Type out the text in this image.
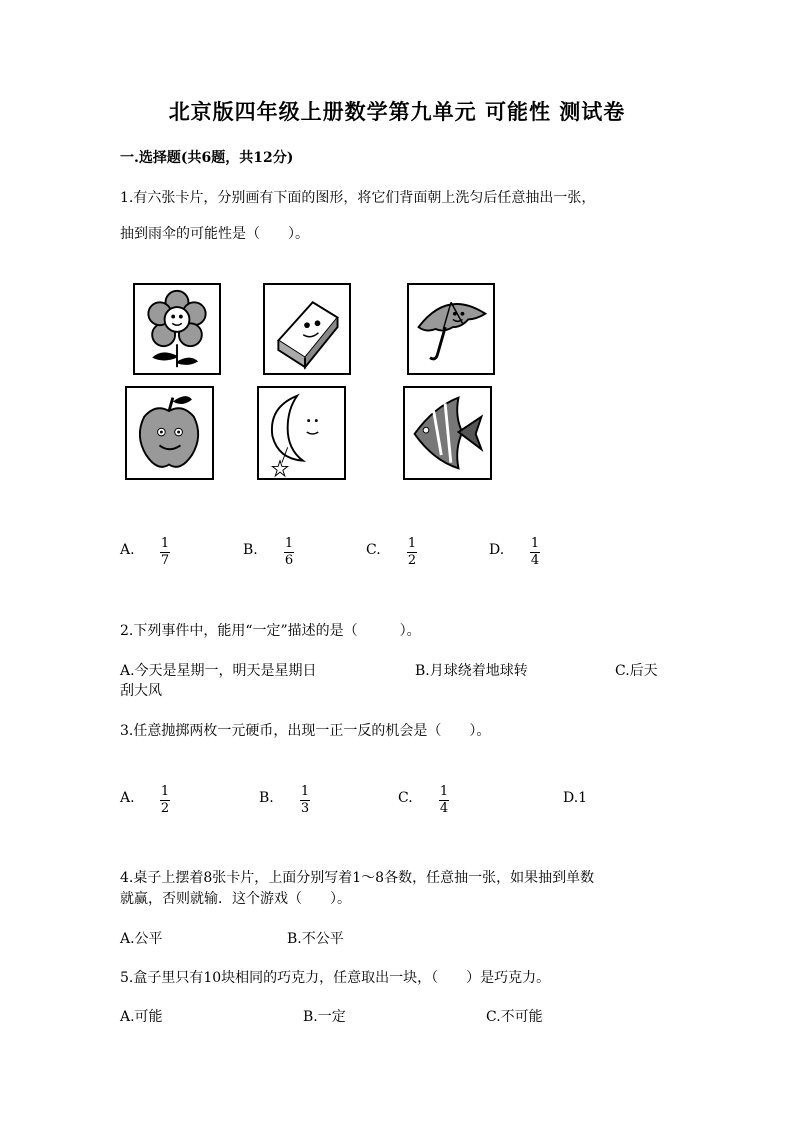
北京版四年级上册数学第九单元 可能性 测试卷
一.选择题(共6题，共12分)
1.有六张卡片，分别画有下面的图形，将它们背面朝上洗匀后任意抽出一张，
抽到雨伞的可能性是（　　）。
A. 1
7
B. 1
6
C. 1
2
D. 1
4
2.下列事件中，能用“一定”描述的是（　　　）。
A.今天是星期一，明天是星期日	B.月球绕着地球转	C.后天
刮大风
3.任意抛掷两枚一元硬币，出现一正一反的机会是（　　）。
A. 1
2
B. 1
3
C. 1
4
D.1
4.桌子上摆着8张卡片，上面分别写着1～8各数，任意抽一张，如果抽到单数
就赢，否则就输．这个游戏（　　）。
A.公平	B.不公平
5.盒子里只有10块相同的巧克力，任意取出一块，（　　）是巧克力。
A.可能	B.一定	C.不可能
